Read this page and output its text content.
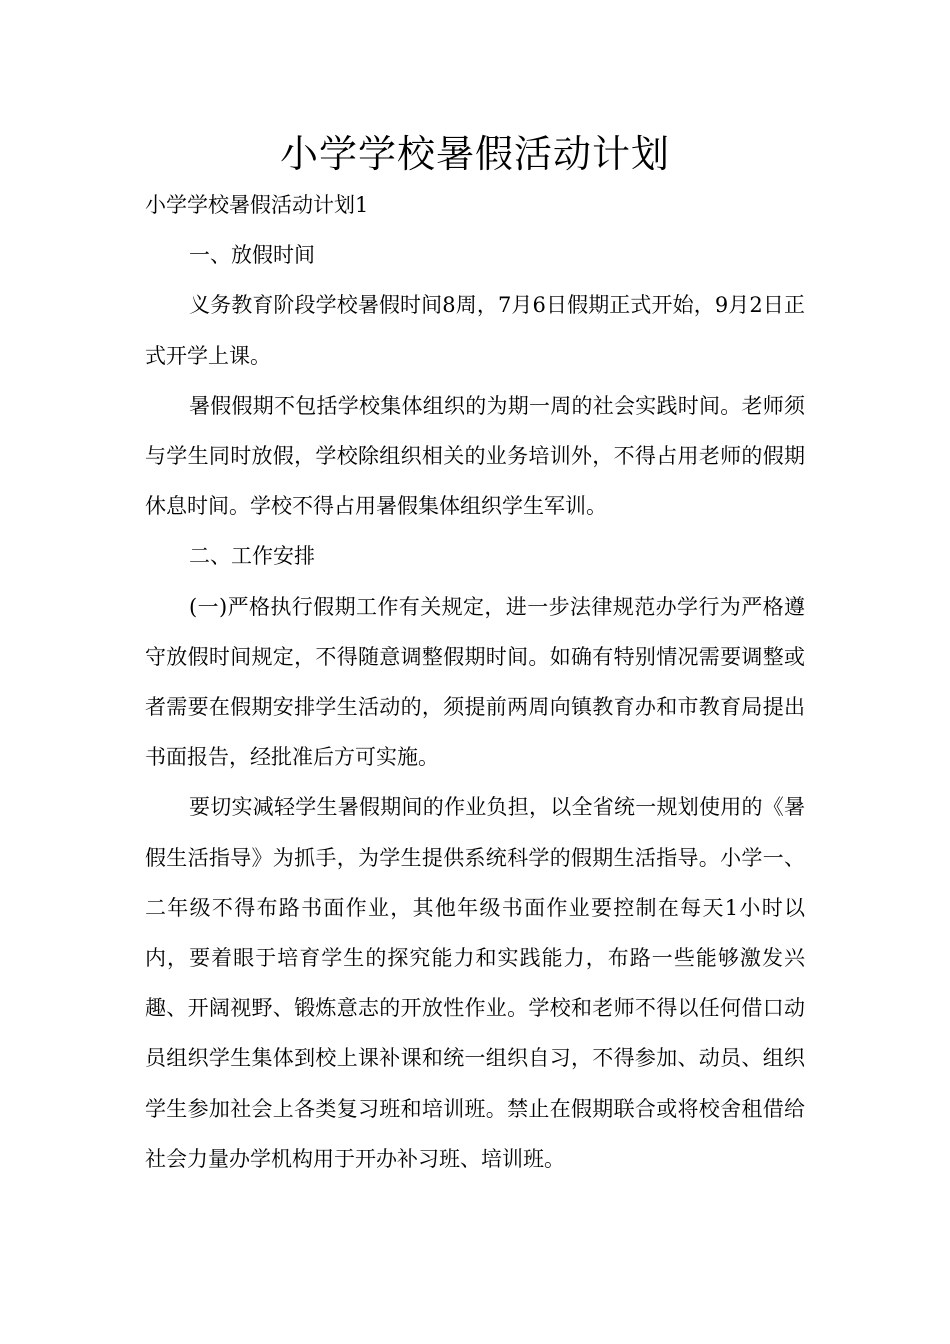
小学学校暑假活动计划

小学学校暑假活动计划1

一、放假时间

义务教育阶段学校暑假时间8周，7月6日假期正式开始，9月2日正式开学上课。

暑假假期不包括学校集体组织的为期一周的社会实践时间。老师须与学生同时放假，学校除组织相关的业务培训外，不得占用老师的假期休息时间。学校不得占用暑假集体组织学生军训。

二、工作安排

(一)严格执行假期工作有关规定，进一步法律规范办学行为严格遵守放假时间规定，不得随意调整假期时间。如确有特别情况需要调整或者需要在假期安排学生活动的，须提前两周向镇教育办和市教育局提出书面报告，经批准后方可实施。

要切实减轻学生暑假期间的作业负担，以全省统一规划使用的《暑假生活指导》为抓手，为学生提供系统科学的假期生活指导。小学一、二年级不得布路书面作业，其他年级书面作业要控制在每天1小时以内，要着眼于培育学生的探究能力和实践能力，布路一些能够激发兴趣、开阔视野、锻炼意志的开放性作业。学校和老师不得以任何借口动员组织学生集体到校上课补课和统一组织自习，不得参加、动员、组织学生参加社会上各类复习班和培训班。禁止在假期联合或将校舍租借给社会力量办学机构用于开办补习班、培训班。
